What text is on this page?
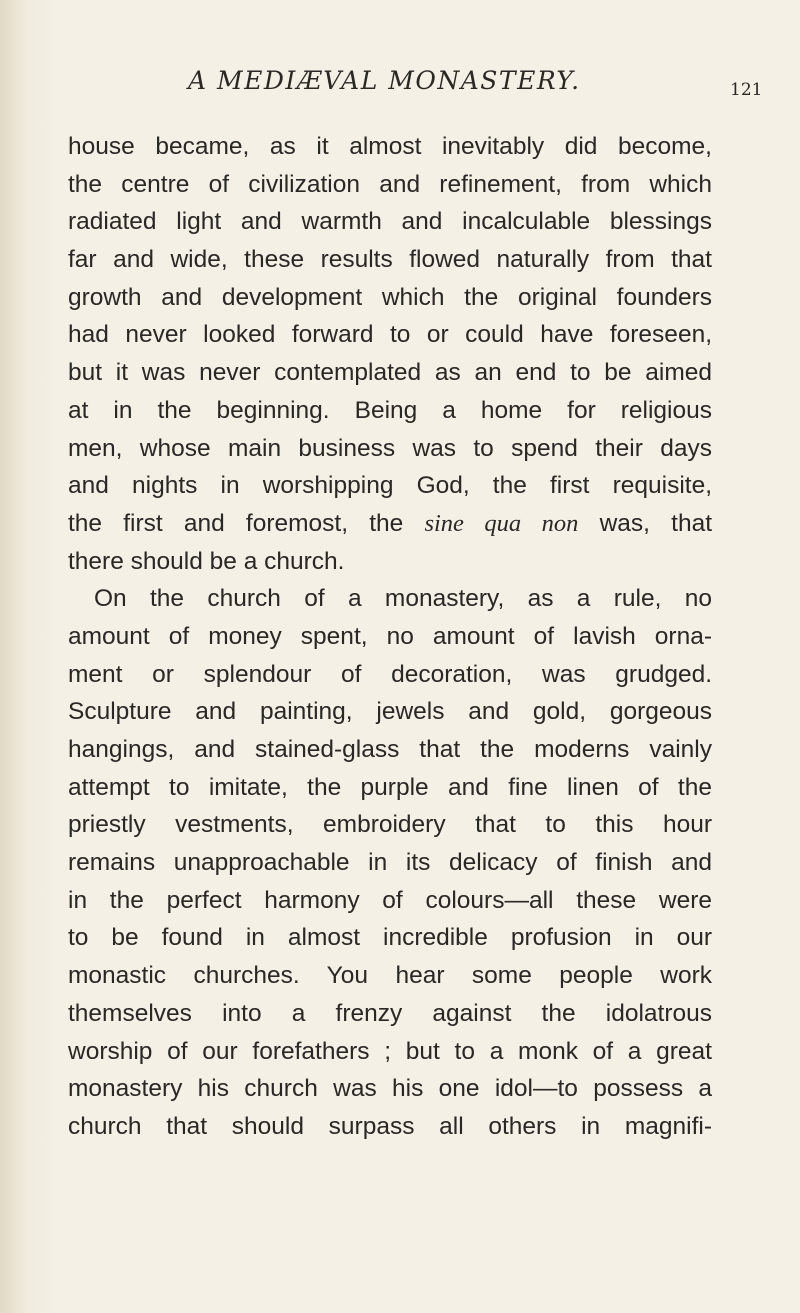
A MEDIÆVAL MONASTERY.	121
house became, as it almost inevitably did become,
the centre of civilization and refinement, from which
radiated light and warmth and incalculable blessings
far and wide, these results flowed naturally from that
growth and development which the original founders
had never looked forward to or could have foreseen,
but it was never contemplated as an end to be aimed
at in the beginning. Being a home for religious
men, whose main business was to spend their days
and nights in worshipping God, the first requisite,
the first and foremost, the sine qua non was, that
there should be a church.
On the church of a monastery, as a rule, no
amount of money spent, no amount of lavish orna-
ment or splendour of decoration, was grudged.
Sculpture and painting, jewels and gold, gorgeous
hangings, and stained-glass that the moderns vainly
attempt to imitate, the purple and fine linen of the
priestly vestments, embroidery that to this hour
remains unapproachable in its delicacy of finish and
in the perfect harmony of colours—all these were
to be found in almost incredible profusion in our
monastic churches. You hear some people work
themselves into a frenzy against the idolatrous
worship of our forefathers ; but to a monk of a great
monastery his church was his one idol—to possess a
church that should surpass all others in magnifi-
